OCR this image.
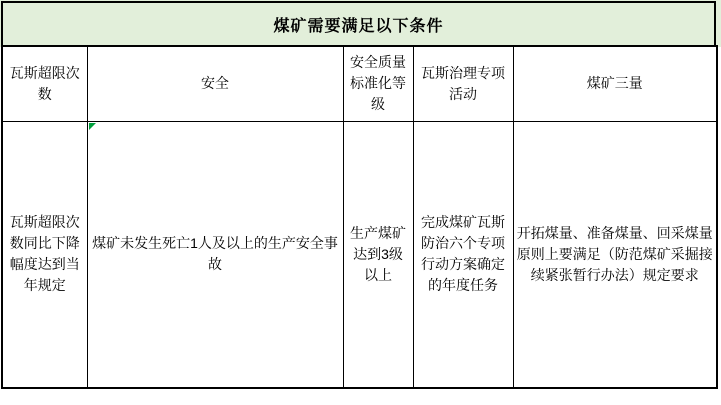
煤矿需要满足以下条件
瓦斯超限次数	安全	安全质量标准化等级	瓦斯治理专项活动	煤矿三量
瓦斯超限次数同比下降幅度达到当年规定	煤矿未发生死亡1人及以上的生产安全事故	生产煤矿达到3级以上	完成煤矿瓦斯防治六个专项行动方案确定的年度任务	开拓煤量、准备煤量、回采煤量原则上要满足（防范煤矿采掘接续紧张暂行办法）规定要求
